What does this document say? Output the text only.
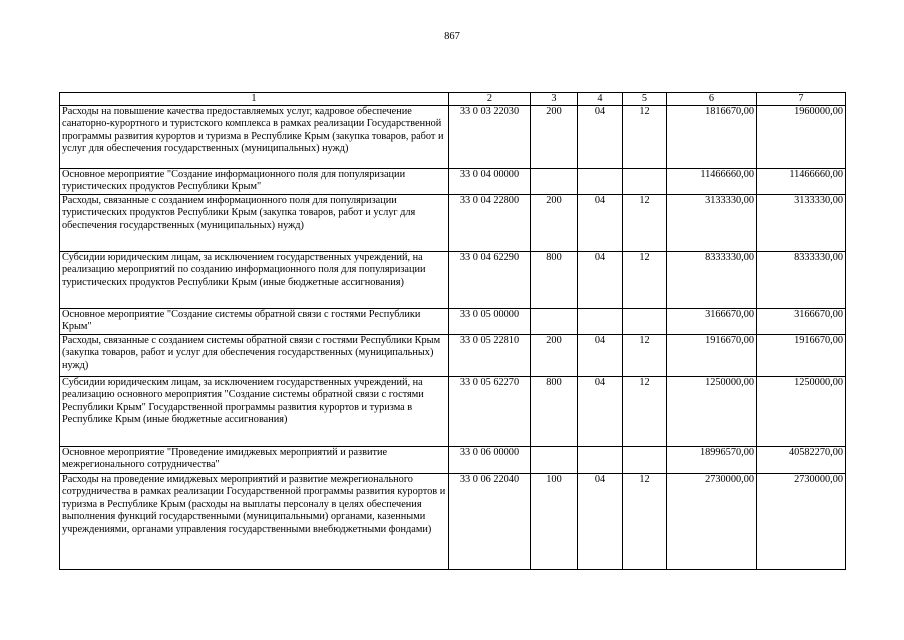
867
1	2	3	4	5	6	7
Расходы на повышение качества предоставляемых услуг, кадровое обеспечение санаторно-курортного и туристского комплекса в рамках реализации Государственной программы развития курортов и туризма в Республике Крым (закупка товаров, работ и услуг для обеспечения государственных (муниципальных) нужд)	33 0 03 22030	200	04	12	1816670,00	1960000,00
Основное мероприятие "Создание информационного поля для популяризации туристических продуктов Республики Крым"	33 0 04 00000				11466660,00	11466660,00
Расходы, связанные с созданием информационного поля для популяризации туристических продуктов Республики Крым (закупка товаров, работ и услуг для обеспечения государственных (муниципальных) нужд)	33 0 04 22800	200	04	12	3133330,00	3133330,00
Субсидии юридическим лицам, за исключением государственных учреждений, на реализацию мероприятий по созданию информационного поля для популяризации туристических продуктов Республики Крым (иные бюджетные ассигнования)	33 0 04 62290	800	04	12	8333330,00	8333330,00
Основное мероприятие "Создание системы обратной связи с гостями Республики Крым"	33 0 05 00000				3166670,00	3166670,00
Расходы, связанные с созданием системы обратной связи с гостями Республики Крым (закупка товаров, работ и услуг для обеспечения государственных (муниципальных) нужд)	33 0 05 22810	200	04	12	1916670,00	1916670,00
Субсидии юридическим лицам, за исключением государственных учреждений, на реализацию основного мероприятия "Создание системы обратной связи с гостями Республики Крым" Государственной программы развития курортов и туризма в Республике Крым (иные бюджетные ассигнования)	33 0 05 62270	800	04	12	1250000,00	1250000,00
Основное мероприятие "Проведение имиджевых мероприятий и развитие межрегионального сотрудничества"	33 0 06 00000				18996570,00	40582270,00
Расходы на проведение имиджевых мероприятий и развитие межрегионального сотрудничества в рамках реализации Государственной программы развития курортов и туризма в Республике Крым (расходы на выплаты персоналу в целях обеспечения выполнения функций государственными (муниципальными) органами, казенными учреждениями, органами управления государственными внебюджетными фондами)	33 0 06 22040	100	04	12	2730000,00	2730000,00
